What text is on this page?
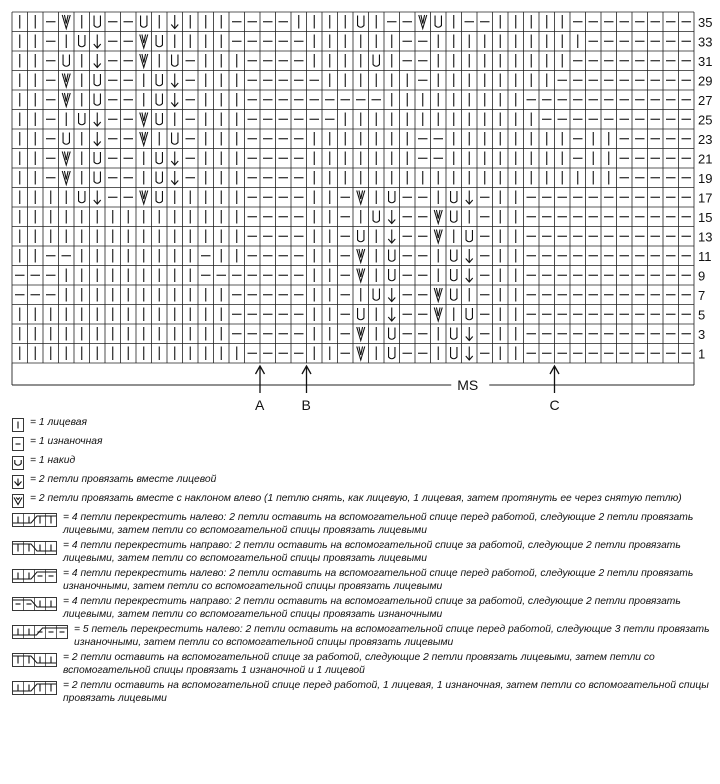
35
33
31
29
27
25
23
21
19
17
15
13
11
9
7
5
3
1
MS
A	B	C
= 1 лицевая
= 1 изнаночная
= 1 накид
= 2 петли провязать вместе лицевой
= 2 петли провязать вместе с наклоном влево (1 петлю снять, как лицевую, 1 лицевая, затем протянуть ее через снятую петлю)
= 4 петли перекрестить налево: 2 петли оставить на вспомогательной спице перед работой, следующие 2 петли провязать лицевыми, затем петли со вспомогательной спицы провязать лицевыми
= 4 петли перекрестить направо: 2 петли оставить на вспомогательной спице за работой, следующие 2 петли провязать лицевыми, затем петли со вспомогательной спицы провязать лицевыми
= 4 петли перекрестить налево: 2 петли оставить на вспомогательной спице перед работой, следующие 2 петли провязать изнаночными, затем петли со вспомогательной спицы провязать лицевыми
= 4 петли перекрестить направо: 2 петли оставить на вспомогательной спице за работой, следующие 2 петли провязать лицевыми, затем петли со вспомогательной спицы провязать изнаночными
= 5 петель перекрестить налево: 2 петли оставить на вспомогательной спице перед работой, следующие 3 петли провязать изнаночными, затем петли со вспомогательной спицы провязать лицевыми
= 2 петли оставить на вспомогательной спице за работой, следующие 2 петли провязать лицевыми, затем петли со вспомогательной спицы провязать 1 изнаночной и 1 лицевой
= 2 петли оставить на вспомогательной спице перед работой, 1 лицевая, 1 изнаночная, затем петли со вспомогательной спицы провязать лицевыми
